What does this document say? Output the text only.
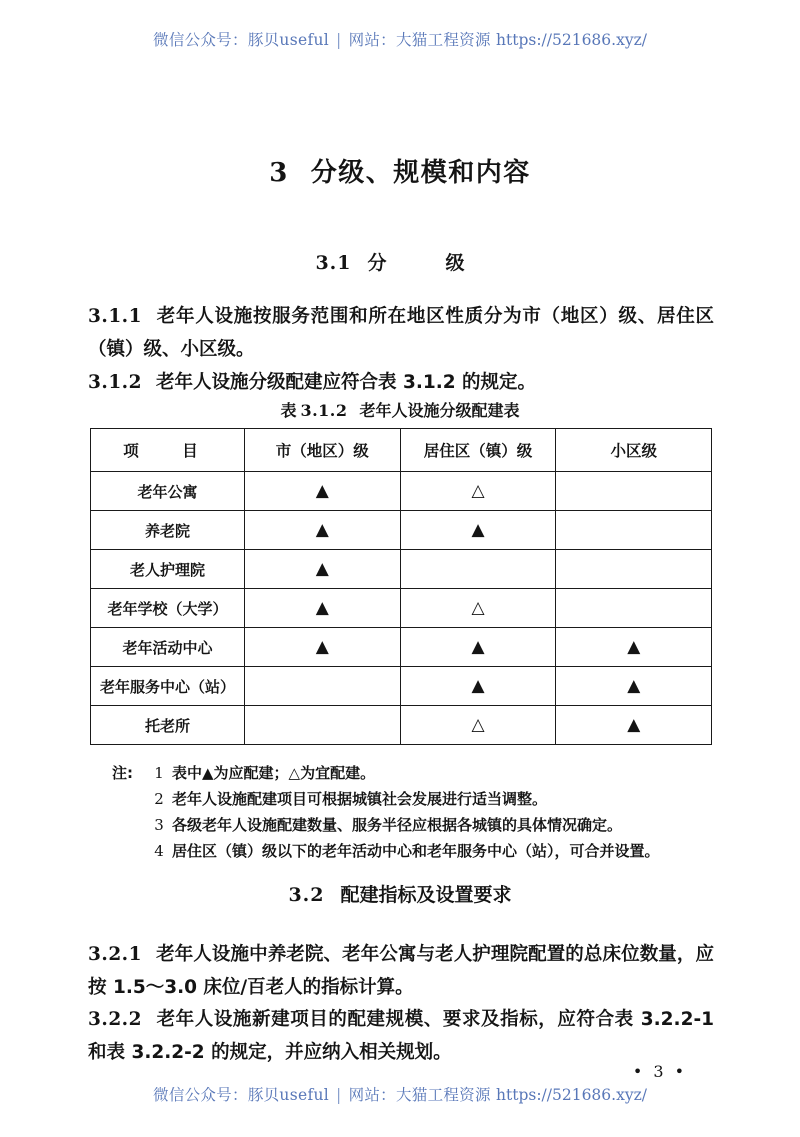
微信公众号：豚贝useful | 网站：大猫工程资源 https://521686.xyz/
3 分级、规模和内容
3.1 分　级
3.1.1 老年人设施按服务范围和所在地区性质分为市（地区）级、居住区（镇）级、小区级。
3.1.2 老年人设施分级配建应符合表 3.1.2 的规定。
表 3.1.2 老年人设施分级配建表
项　目	市（地区）级	居住区（镇）级	小区级
老年公寓	▲	△	
养老院	▲	▲	
老人护理院	▲		
老年学校（大学）	▲	△	
老年活动中心	▲	▲	▲
老年服务中心（站）		▲	▲
托老所		△	▲
注:	1 表中▲为应配建；△为宜配建。
2 老年人设施配建项目可根据城镇社会发展进行适当调整。
3 各级老年人设施配建数量、服务半径应根据各城镇的具体情况确定。
4 居住区（镇）级以下的老年活动中心和老年服务中心（站），可合并设置。
3.2 配建指标及设置要求
3.2.1 老年人设施中养老院、老年公寓与老人护理院配置的总床位数量，应按 1.5～3.0 床位/百老人的指标计算。
3.2.2 老年人设施新建项目的配建规模、要求及指标，应符合表 3.2.2-1 和表 3.2.2-2 的规定，并应纳入相关规划。
• 3 •
微信公众号：豚贝useful | 网站：大猫工程资源 https://521686.xyz/
